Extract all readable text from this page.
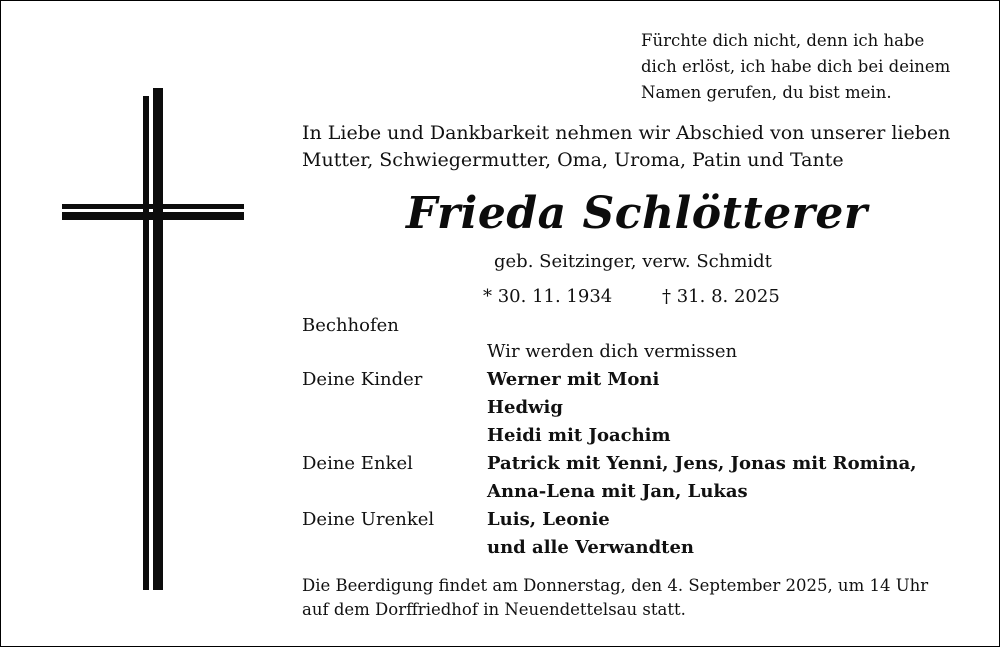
Fürchte dich nicht, denn ich habe
dich erlöst, ich habe dich bei deinem
Namen gerufen, du bist mein.
In Liebe und Dankbarkeit nehmen wir Abschied von unserer lieben
Mutter, Schwiegermutter, Oma, Uroma, Patin und Tante
Frieda Schlötterer
geb. Seitzinger, verw. Schmidt
* 30. 11. 1934	† 31. 8. 2025
Bechhofen
Wir werden dich vermissen
Deine Kinder	Werner mit Moni
Hedwig
Heidi mit Joachim
Deine Enkel	Patrick mit Yenni, Jens, Jonas mit Romina,
Anna-Lena mit Jan, Lukas
Deine Urenkel	Luis, Leonie
und alle Verwandten
Die Beerdigung findet am Donnerstag, den 4. September 2025, um 14 Uhr
auf dem Dorffriedhof in Neuendettelsau statt.
